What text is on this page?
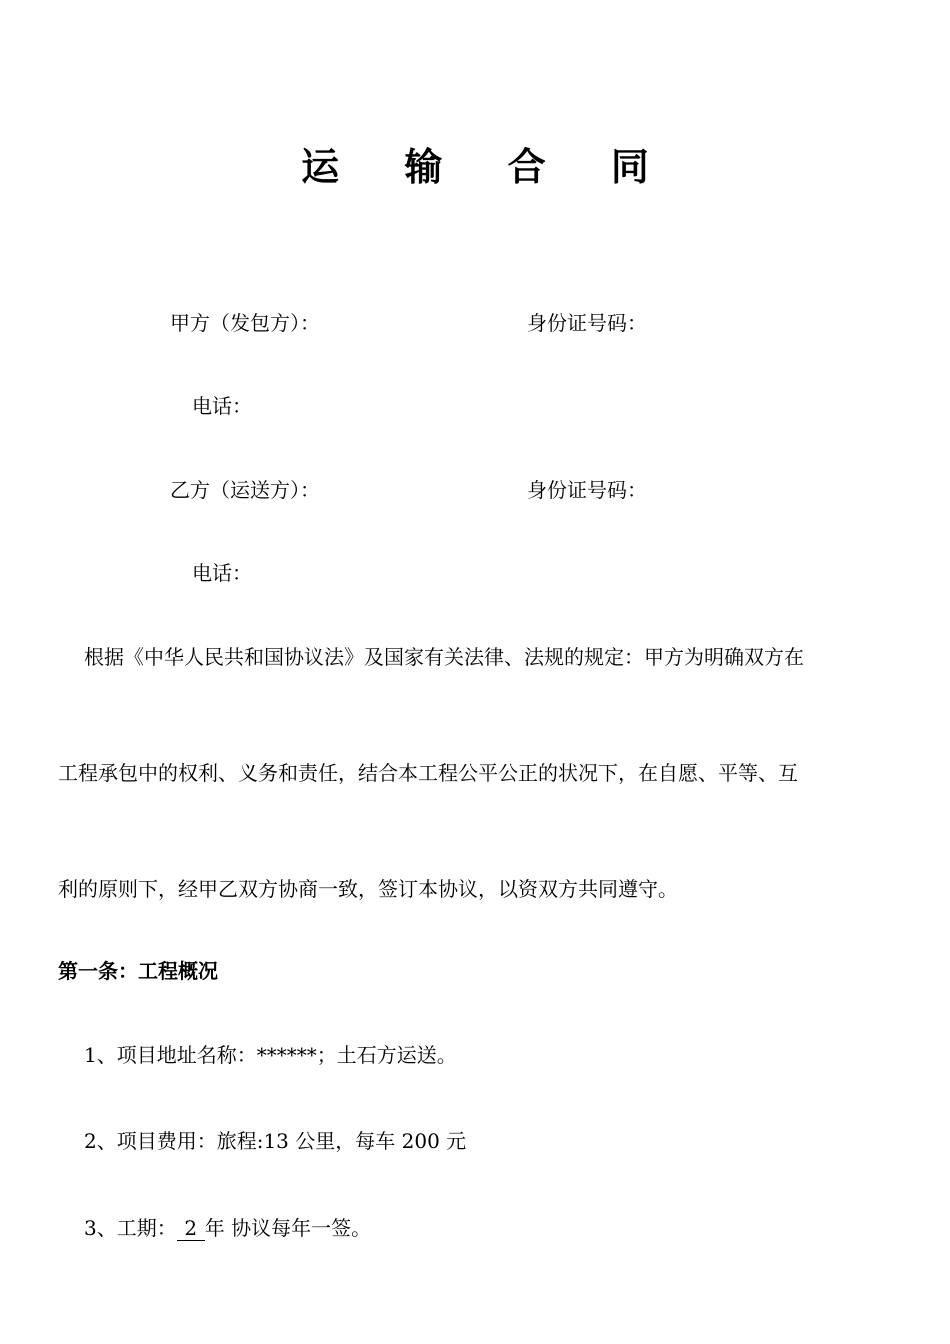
运 输 合 同
甲方（发包方）：	身份证号码：
电话：
乙方（运送方）：	身份证号码：
电话：
根据《中华人民共和国协议法》及国家有关法律、法规的规定：甲方为明确双方在
工程承包中的权利、义务和责任，结合本工程公平公正的状况下，在自愿、平等、互
利的原则下，经甲乙双方协商一致，签订本协议，以资双方共同遵守。
第一条：工程概况
1、项目地址名称：******；土石方运送。
2、项目费用：旅程:13 公里，每车 200 元
3、工期： 2 年 协议每年一签。
